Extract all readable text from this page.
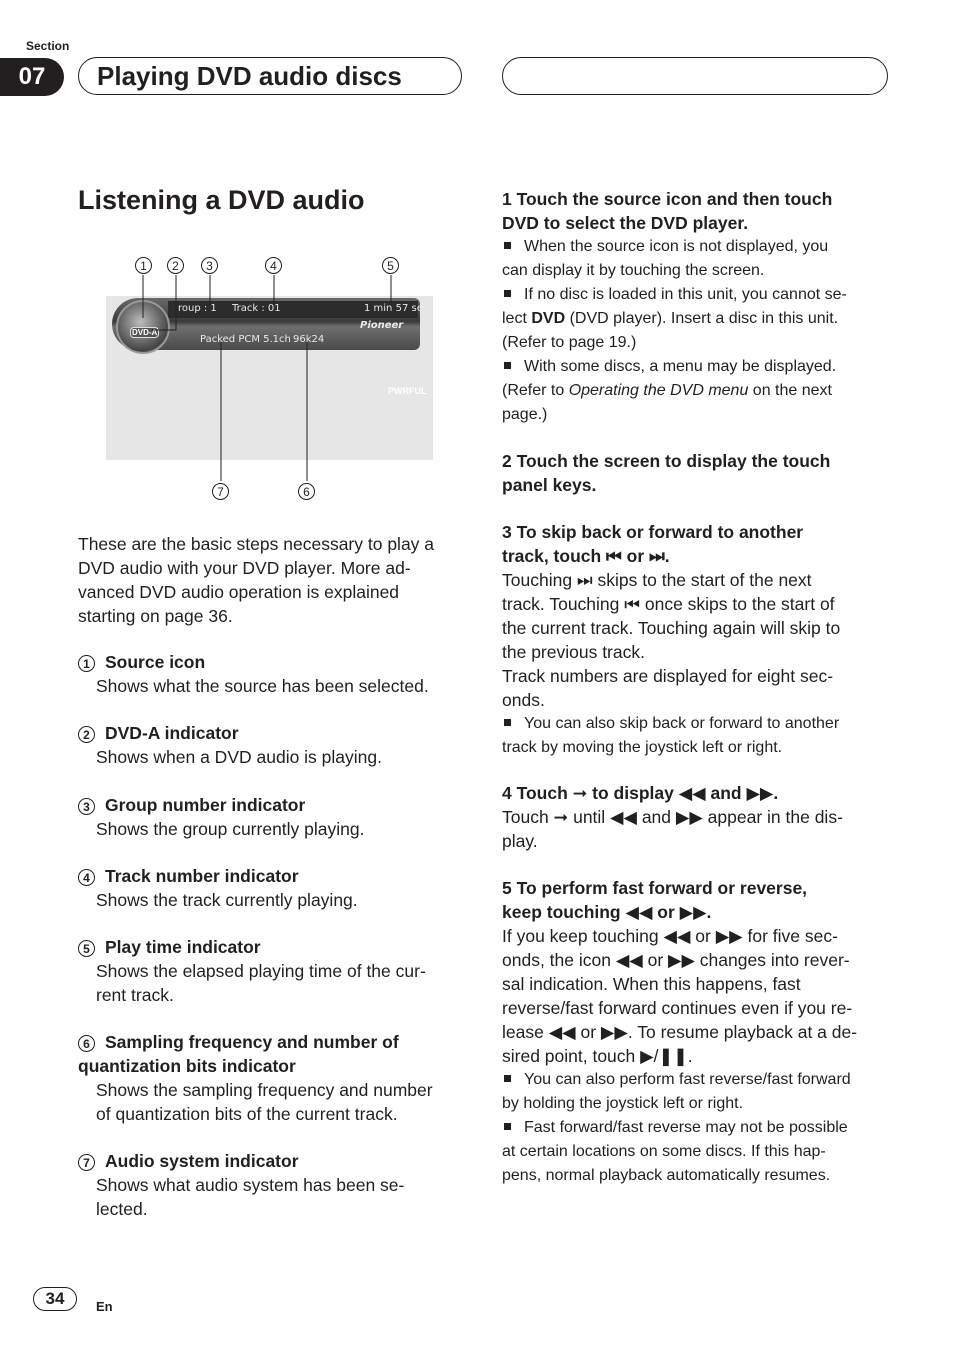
Section
07	Playing DVD audio discs
Listening a DVD audio
1	2	3	4	5
roup : 1 Track : 01	1 min 57 sec
Pioneer
Packed PCM 5.1ch 96k24
DVD-A
PWRFUL
7	6
These are the basic steps necessary to play a
DVD audio with your DVD player. More ad-
vanced DVD audio operation is explained
starting on page 36.
1 Source icon
Shows what the source has been selected.
2 DVD-A indicator
Shows when a DVD audio is playing.
3 Group number indicator
Shows the group currently playing.
4 Track number indicator
Shows the track currently playing.
5 Play time indicator
Shows the elapsed playing time of the cur-
rent track.
6 Sampling frequency and number of
quantization bits indicator
Shows the sampling frequency and number
of quantization bits of the current track.
7 Audio system indicator
Shows what audio system has been se-
lected.
1 Touch the source icon and then touch
DVD to select the DVD player.
When the source icon is not displayed, you
can display it by touching the screen.
If no disc is loaded in this unit, you cannot se-
lect DVD (DVD player). Insert a disc in this unit.
(Refer to page 19.)
With some discs, a menu may be displayed.
(Refer to Operating the DVD menu on the next
page.)
2 Touch the screen to display the touch
panel keys.
3 To skip back or forward to another
track, touch ⏮ or ⏭.
Touching ⏭ skips to the start of the next
track. Touching ⏮ once skips to the start of
the current track. Touching again will skip to
the previous track.
Track numbers are displayed for eight sec-
onds.
You can also skip back or forward to another
track by moving the joystick left or right.
4 Touch ➞ to display ◀◀ and ▶▶.
Touch ➞ until ◀◀ and ▶▶ appear in the dis-
play.
5 To perform fast forward or reverse,
keep touching ◀◀ or ▶▶.
If you keep touching ◀◀ or ▶▶ for five sec-
onds, the icon ◀◀ or ▶▶ changes into rever-
sal indication. When this happens, fast
reverse/fast forward continues even if you re-
lease ◀◀ or ▶▶. To resume playback at a de-
sired point, touch ▶/❚❚.
You can also perform fast reverse/fast forward
by holding the joystick left or right.
Fast forward/fast reverse may not be possible
at certain locations on some discs. If this hap-
pens, normal playback automatically resumes.
34	En
